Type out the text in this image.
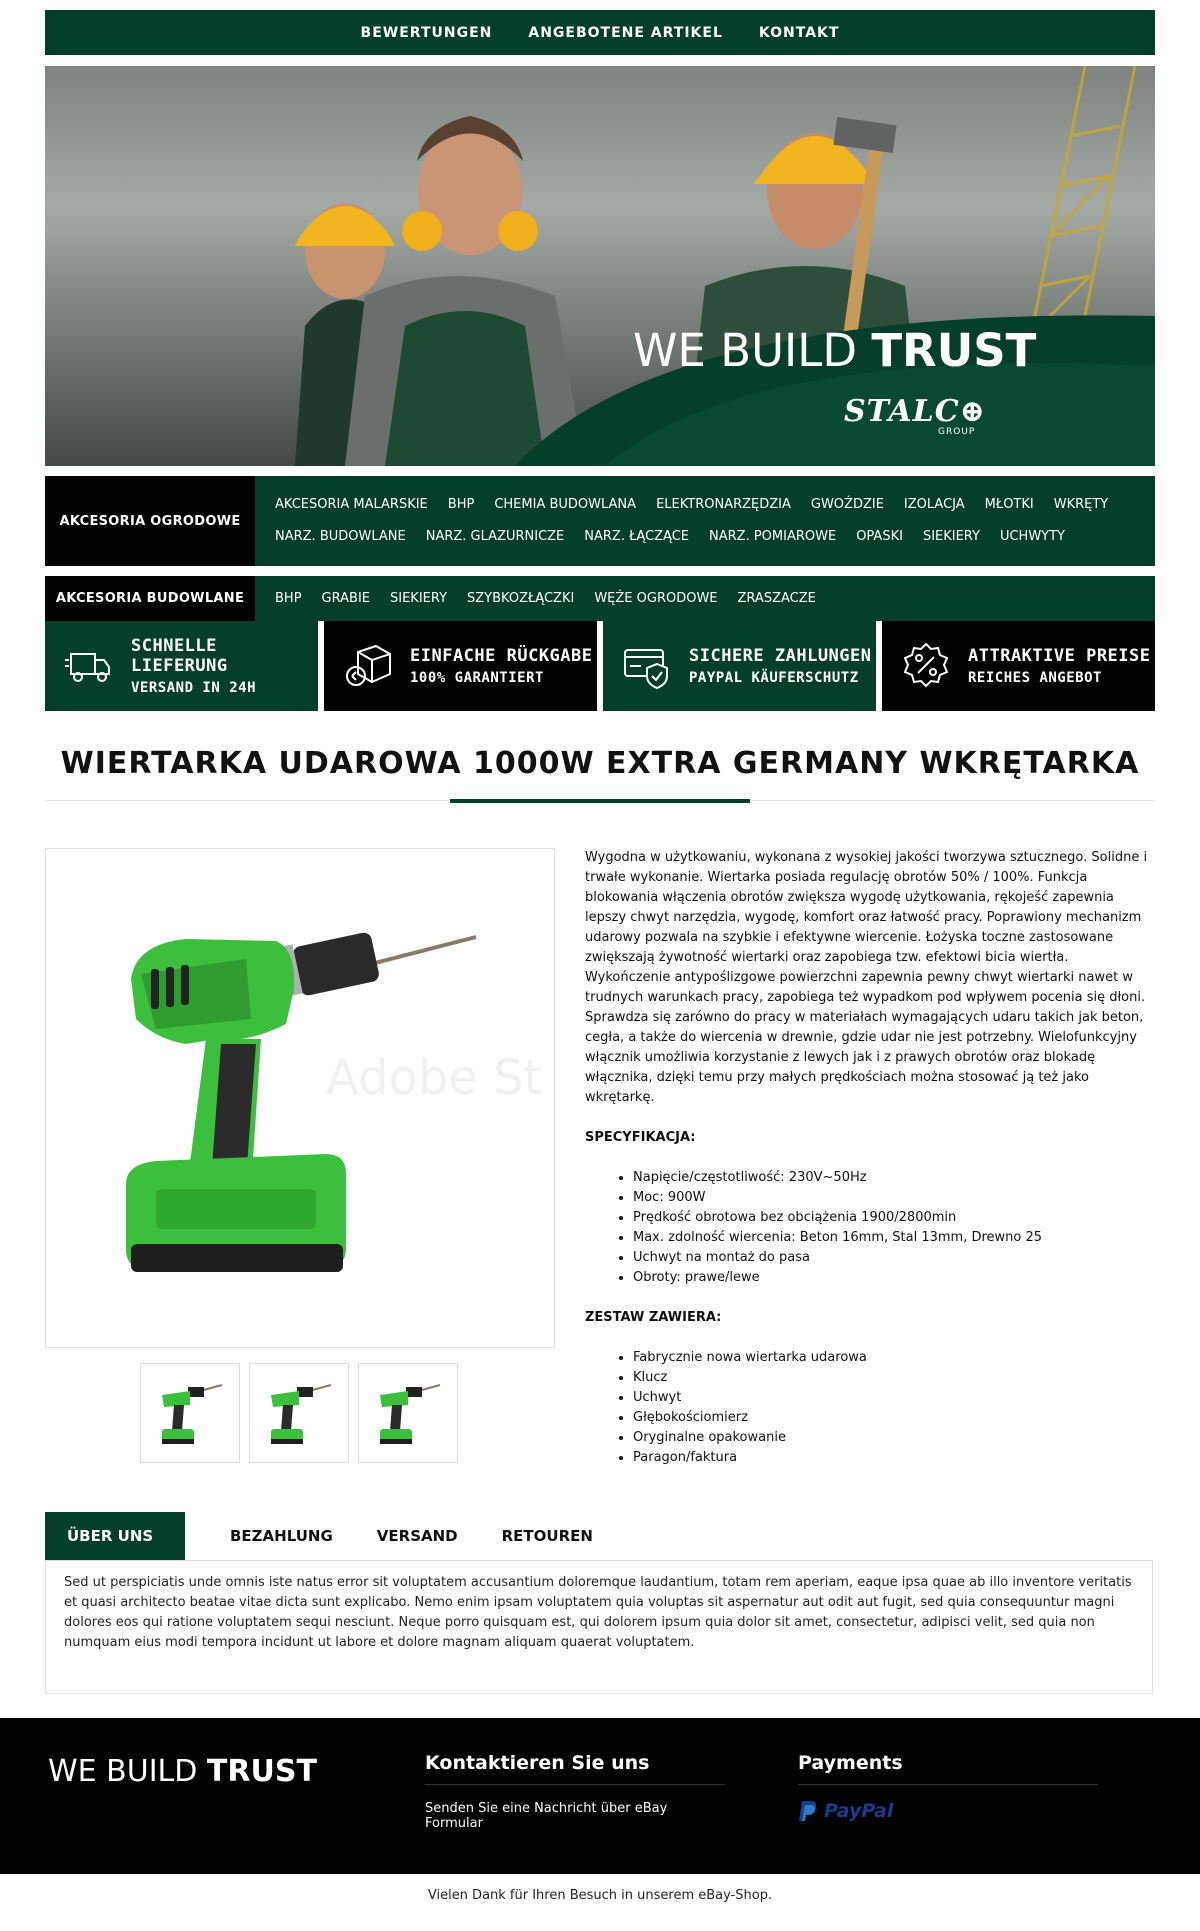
BEWERTUNGEN	ANGEBOTENE ARTIKEL	KONTAKT
WE BUILD TRUST
STALC⊕
GROUP
AKCESORIA OGRODOWE
AKCESORIA MALARSKIE BHP CHEMIA BUDOWLANA ELEKTRONARZĘDZIA GWOŹDZIE IZOLACJA MŁOTKI WKRĘTY
NARZ. BUDOWLANE NARZ. GLAZURNICZE NARZ. ŁĄCZĄCE NARZ. POMIAROWE OPASKI SIEKIERY UCHWYTY
AKCESORIA BUDOWLANE	BHP GRABIE SIEKIERY SZYBKOZŁĄCZKI WĘŻE OGRODOWE ZRASZACZE
SCHNELLE LIEFERUNG
VERSAND IN 24H
EINFACHE RÜCKGABE
100% GARANTIERT
SICHERE ZAHLUNGEN
PAYPAL KÄUFERSCHUTZ
ATTRAKTIVE PREISE
REICHES ANGEBOT
WIERTARKA UDAROWA 1000W EXTRA GERMANY WKRĘTARKA
Adobe St

Wygodna w użytkowaniu, wykonana z wysokiej jakości tworzywa sztucznego. Solidne i trwałe wykonanie. Wiertarka posiada regulację obrotów 50% / 100%. Funkcja blokowania włączenia obrotów zwiększa wygodę użytkowania, rękojeść zapewnia lepszy chwyt narzędzia, wygodę, komfort oraz łatwość pracy. Poprawiony mechanizm udarowy pozwala na szybkie i efektywne wiercenie. Łożyska toczne zastosowane zwiększają żywotność wiertarki oraz zapobiega tzw. efektowi bicia wiertła. Wykończenie antypoślizgowe powierzchni zapewnia pewny chwyt wiertarki nawet w trudnych warunkach pracy, zapobiega też wypadkom pod wpływem pocenia się dłoni. Sprawdza się zarówno do pracy w materiałach wymagających udaru takich jak beton, cegła, a także do wiercenia w drewnie, gdzie udar nie jest potrzebny. Wielofunkcyjny włącznik umożliwia korzystanie z lewych jak i z prawych obrotów oraz blokadę włącznika, dzięki temu przy małych prędkościach można stosować ją też jako wkrętarkę.

SPECYFIKACJA:
• Napięcie/częstotliwość: 230V~50Hz
• Moc: 900W
• Prędkość obrotowa bez obciążenia 1900/2800min
• Max. zdolność wiercenia: Beton 16mm, Stal 13mm, Drewno 25
• Uchwyt na montaż do pasa
• Obroty: prawe/lewe
ZESTAW ZAWIERA:
• Fabrycznie nowa wiertarka udarowa
• Klucz
• Uchwyt
• Głębokościomierz
• Oryginalne opakowanie
• Paragon/faktura
ÜBER UNS	BEZAHLUNG	VERSAND	RETOUREN
Sed ut perspiciatis unde omnis iste natus error sit voluptatem accusantium doloremque laudantium, totam rem aperiam, eaque ipsa quae ab illo inventore veritatis et quasi architecto beatae vitae dicta sunt explicabo. Nemo enim ipsam voluptatem quia voluptas sit aspernatur aut odit aut fugit, sed quia consequuntur magni dolores eos qui ratione voluptatem sequi nesciunt. Neque porro quisquam est, qui dolorem ipsum quia dolor sit amet, consectetur, adipisci velit, sed quia non numquam eius modi tempora incidunt ut labore et dolore magnam aliquam quaerat voluptatem.
WE BUILD TRUST	Kontaktieren Sie uns

Senden Sie eine Nachricht über eBay Formular

Payments
PayPal
Vielen Dank für Ihren Besuch in unserem eBay-Shop.
